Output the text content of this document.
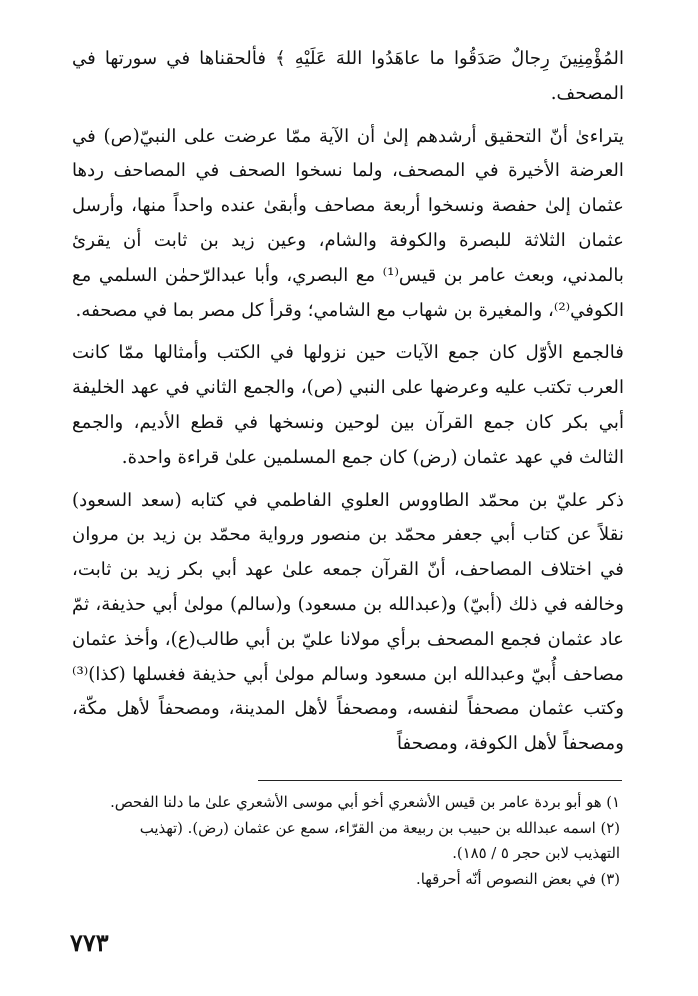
المُؤْمِنِينَ رِجالٌ صَدَقُوا ما عاهَدُوا اللهَ عَلَيْهِ ﴾ فألحقناها في سورتها في المصحف.

يتراءىٰ أنّ التحقيق أرشدهم إلىٰ أن الآية ممّا عرضت على النبيّ(ص) في العرضة الأخيرة في المصحف، ولما نسخوا الصحف في المصاحف ردها عثمان إلىٰ حفصة ونسخوا أربعة مصاحف وأبقىٰ عنده واحداً منها، وأرسل عثمان الثلاثة للبصرة والكوفة والشام، وعين زيد بن ثابت أن يقرئ بالمدني، وبعث عامر بن قيس⁽¹⁾ مع البصري، وأبا عبدالرّحمٰن السلمي مع الكوفي⁽²⁾، والمغيرة بن شهاب مع الشامي؛ وقرأ كل مصر بما في مصحفه.

فالجمع الأوّل كان جمع الآيات حين نزولها في الكتب وأمثالها ممّا كانت العرب تكتب عليه وعرضها على النبي (ص)، والجمع الثاني في عهد الخليفة أبي بكر كان جمع القرآن بين لوحين ونسخها في قطع الأديم، والجمع الثالث في عهد عثمان (رض) كان جمع المسلمين علىٰ قراءة واحدة.

ذكر عليّ بن محمّد الطاووس العلوي الفاطمي في كتابه (سعد السعود) نقلاً عن كتاب أبي جعفر محمّد بن منصور ورواية محمّد بن زيد بن مروان في اختلاف المصاحف، أنّ القرآن جمعه علىٰ عهد أبي بكر زيد بن ثابت، وخالفه في ذلك (أبيّ) و(عبدالله بن مسعود) و(سالم) مولىٰ أبي حذيفة، ثمّ عاد عثمان فجمع المصحف برأي مولانا عليّ بن أبي طالب(ع)، وأخذ عثمان مصاحف أُبيّ وعبدالله ابن مسعود وسالم مولىٰ أبي حذيفة فغسلها (كذا)⁽³⁾ وكتب عثمان مصحفاً لنفسه، ومصحفاً لأهل المدينة، ومصحفاً لأهل مكّة، ومصحفاً لأهل الكوفة، ومصحفاً

١) هو أبو بردة عامر بن قيس الأشعري أخو أبي موسى الأشعري علىٰ ما دلنا الفحص.

(٢) اسمه عبدالله بن حبيب بن ربيعة من القرّاء، سمع عن عثمان (رض). (تهذيب التهذيب لابن حجر ٥ / ١٨٥).

(٣) في بعض النصوص أنّه أحرقها.

٧٧٣
